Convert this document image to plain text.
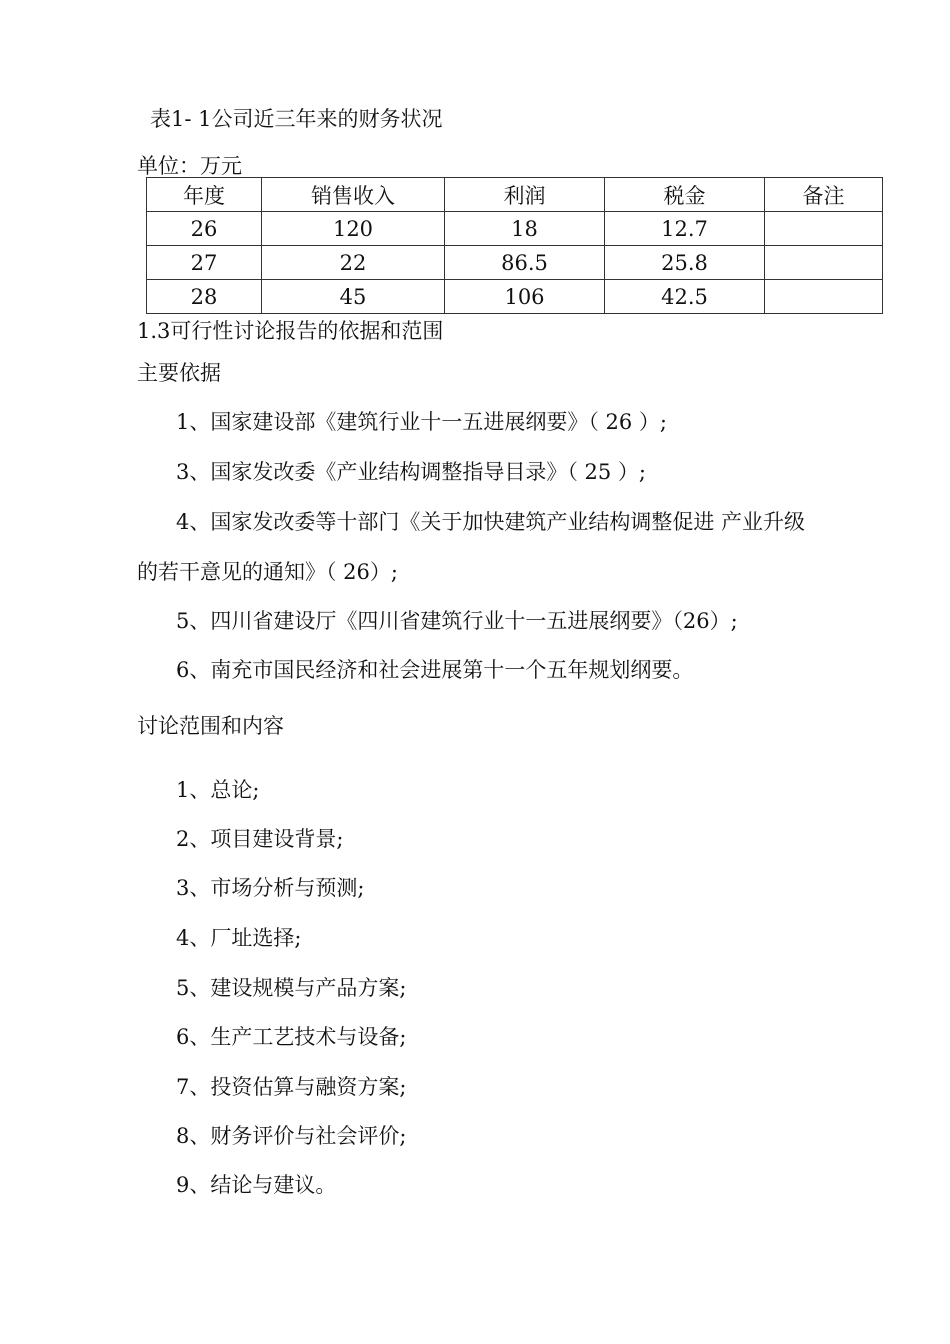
表1- 1公司近三年来的财务状况

单位：万元

年度	销售收入	利润	税金	备注
26	120	18	12.7	
27	22	86.5	25.8	
28	45	106	42.5	

1.3可行性讨论报告的依据和范围

主要依据

1、国家建设部《建筑行业十一五进展纲要》（ 26 ）;

3、国家发改委《产业结构调整指导目录》（ 25 ）;

4、国家发改委等十部门《关于加快建筑产业结构调整促进 产业升级

的若干意见的通知》（ 26）;

5、四川省建设厅《四川省建筑行业十一五进展纲要》（26）;

6、南充市国民经济和社会进展第十一个五年规划纲要。

讨论范围和内容

1、总论;

2、项目建设背景;

3、市场分析与预测;

4、厂址选择;

5、建设规模与产品方案;

6、生产工艺技术与设备;

7、投资估算与融资方案;

8、财务评价与社会评价;

9、结论与建议。
